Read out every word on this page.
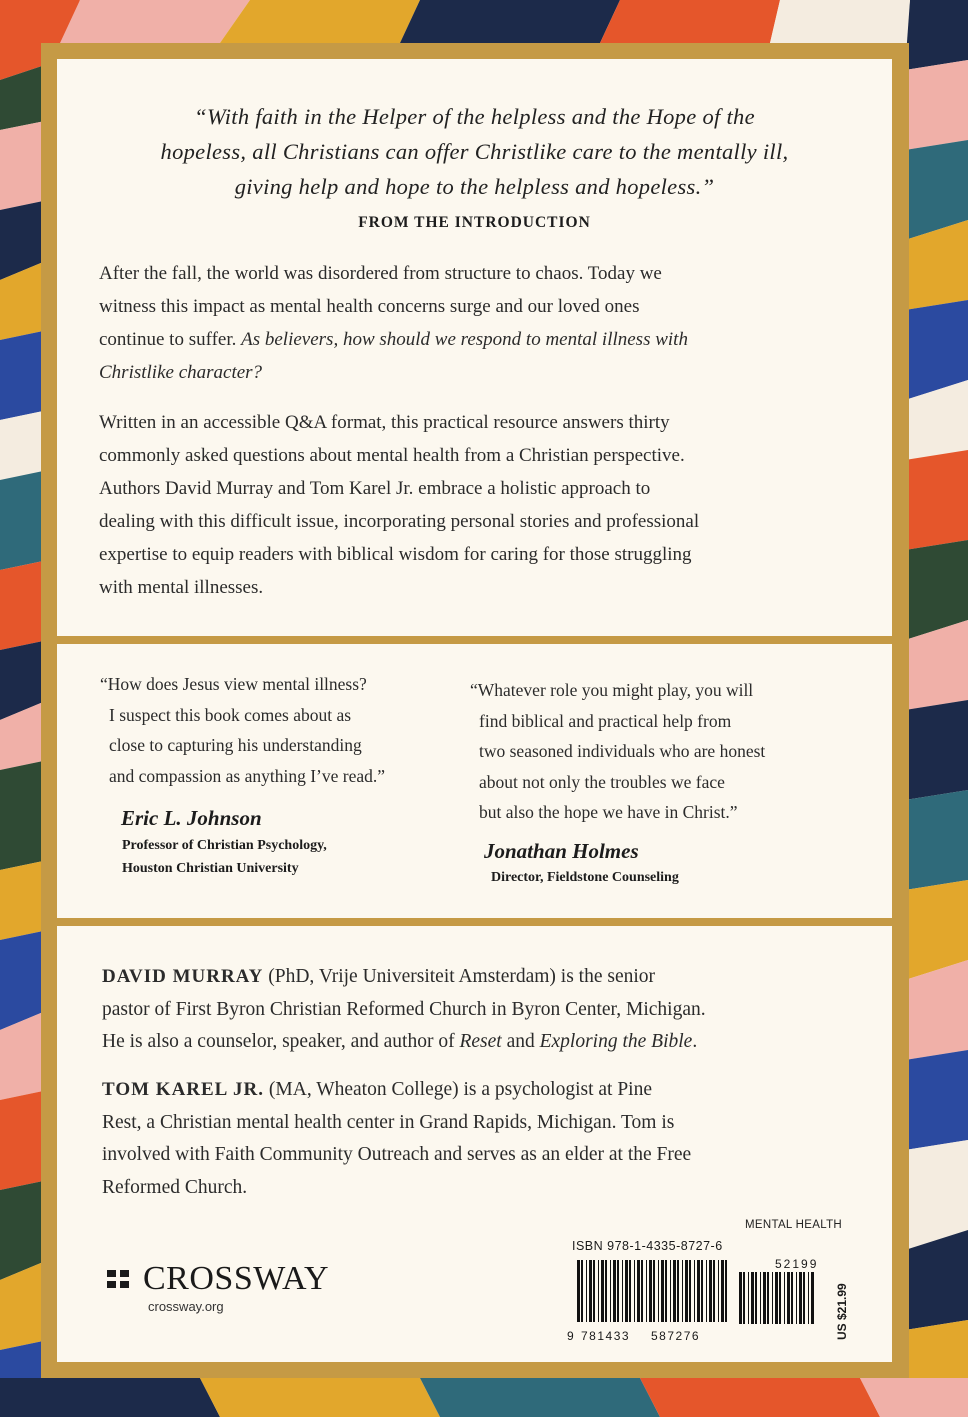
“With faith in the Helper of the helpless and the Hope of the
hopeless, all Christians can offer Christlike care to the mentally ill,
giving help and hope to the helpless and hopeless.”
FROM THE INTRODUCTION
After the fall, the world was disordered from structure to chaos. Today we
witness this impact as mental health concerns surge and our loved ones
continue to suffer. As believers, how should we respond to mental illness with
Christlike character?
Written in an accessible Q&A format, this practical resource answers thirty
commonly asked questions about mental health from a Christian perspective.
Authors David Murray and Tom Karel Jr. embrace a holistic approach to
dealing with this difficult issue, incorporating personal stories and professional
expertise to equip readers with biblical wisdom for caring for those struggling
with mental illnesses.
“How does Jesus view mental illness?
I suspect this book comes about as
close to capturing his understanding
and compassion as anything I’ve read.”
Eric L. Johnson
Professor of Christian Psychology,
Houston Christian University
“Whatever role you might play, you will
find biblical and practical help from
two seasoned individuals who are honest
about not only the troubles we face
but also the hope we have in Christ.”
Jonathan Holmes
Director, Fieldstone Counseling
DAVID MURRAY (PhD, Vrije Universiteit Amsterdam) is the senior
pastor of First Byron Christian Reformed Church in Byron Center, Michigan.
He is also a counselor, speaker, and author of Reset and Exploring the Bible.
TOM KAREL JR. (MA, Wheaton College) is a psychologist at Pine
Rest, a Christian mental health center in Grand Rapids, Michigan. Tom is
involved with Faith Community Outreach and serves as an elder at the Free
Reformed Church.
MENTAL HEALTH
CROSSWAY
crossway.org
ISBN 978-1-4335-8727-6
9 781433 587276
52199
US $21.99
